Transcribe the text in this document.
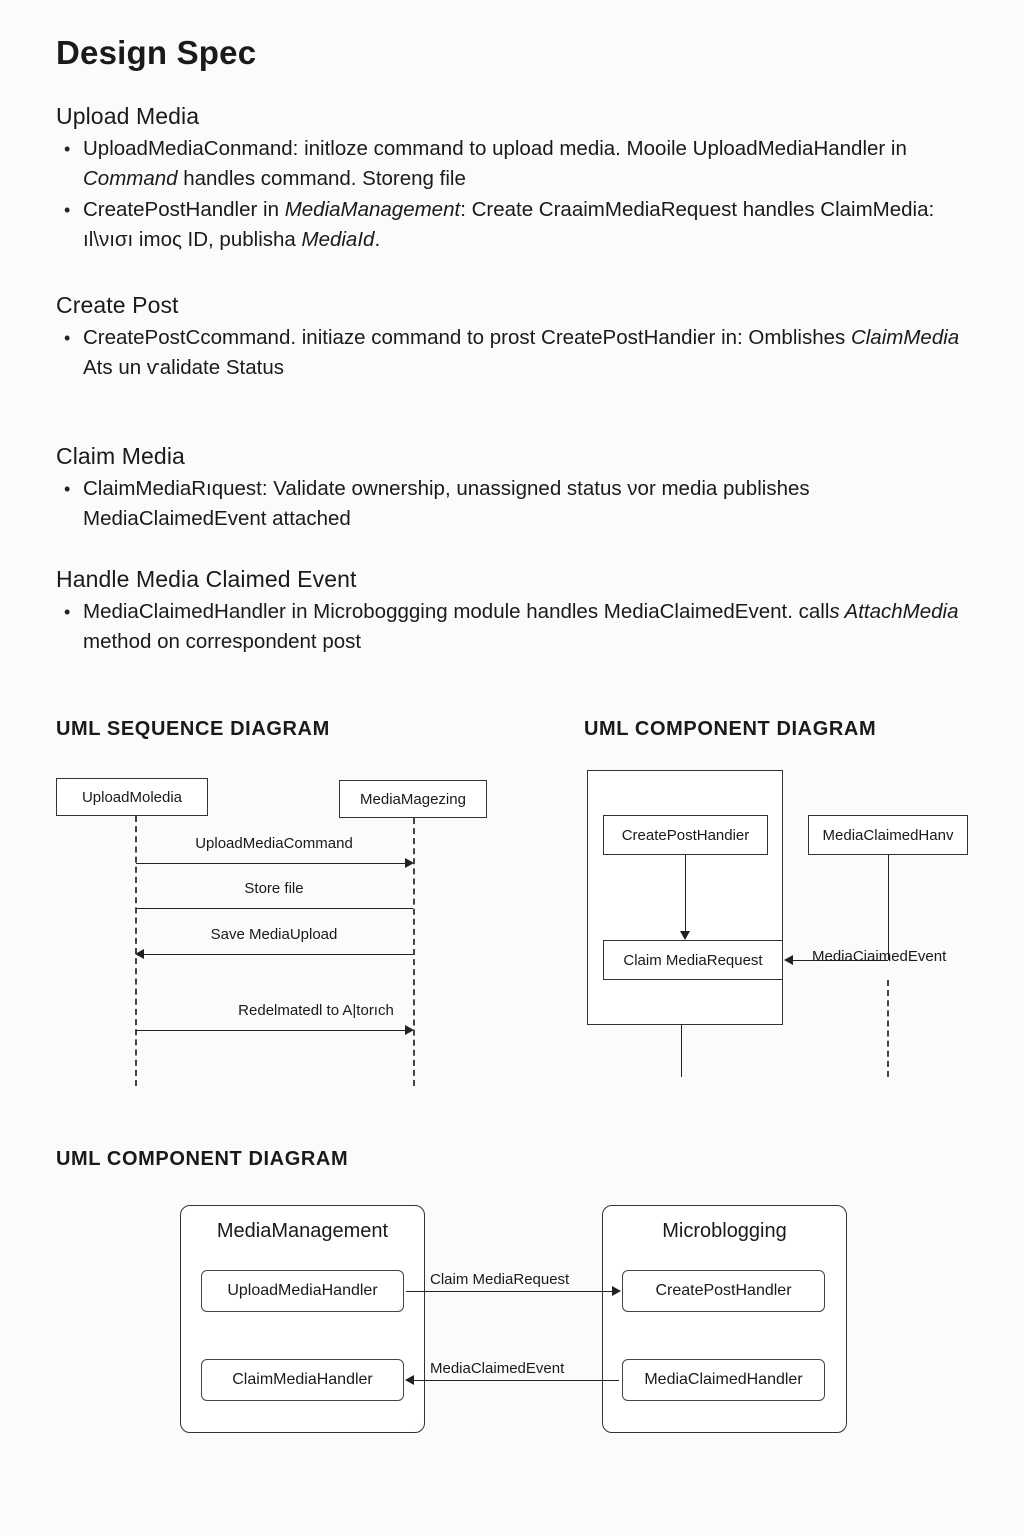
Design Spec
Upload Media
• UploadMediaConmand: initloze command to upload media. Mooile UploadMediaHandler in Command handles command. Storeng file
• CreatePostHandler in MediaManagement: Create CraaimMediaRequest handles ClaimMedia: ıl\νıσı imoς ID, publisha MediaId.
Create Post
• CreatePostCcommand. initiaze command to prost CreatePostHandier in: Omblishes ClaimMedia Ats un ѵalidate Status
Claim Media
• ClaimMediaRıquest: Validate ownership, unassigned status νor media publishes MediaClaimedEvent attached
Handle Media Claimed Event
• MediaClaimedHandler in Microboggging module handles MediaClaimedEvent. calls AttachMedia method on correspondent post
UML SEQUENCE DIAGRAM
UploadMoledia	MediaMagezing
UploadMediaCommand
Store file
Save MediaUpload
Redelmatedl to A|torıch
UML COMPONENT DIAGRAM
CreatePostHandier	MediaClaimedHanv
Claim MediaRequest	MediaCiaimedEvent
UML COMPONENT DIAGRAM
MediaManagement
UploadMediaHandler
ClaimMediaHandler
Microblogging
CreatePostHandler
MediaClaimedHandler
Claim MediaRequest
MediaClaimedEvent
